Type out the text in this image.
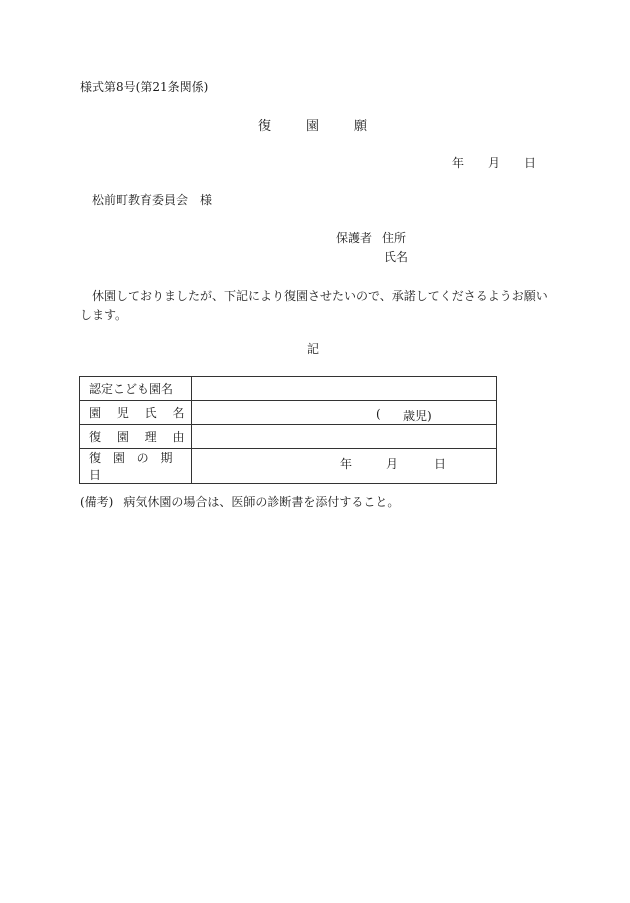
様式第8号(第21条関係)
復	園	願
年 月 日
松前町教育委員会 様
保護者 住所
氏名
休園しておりましたが、下記により復園させたいので、承諾してくださるようお願いします。
記
認定こども園名	
園 児 氏 名	( 歳児)

復 園 理 由	
復 園 の 期 日	年 月 日
(備考) 病気休園の場合は、医師の診断書を添付すること。
